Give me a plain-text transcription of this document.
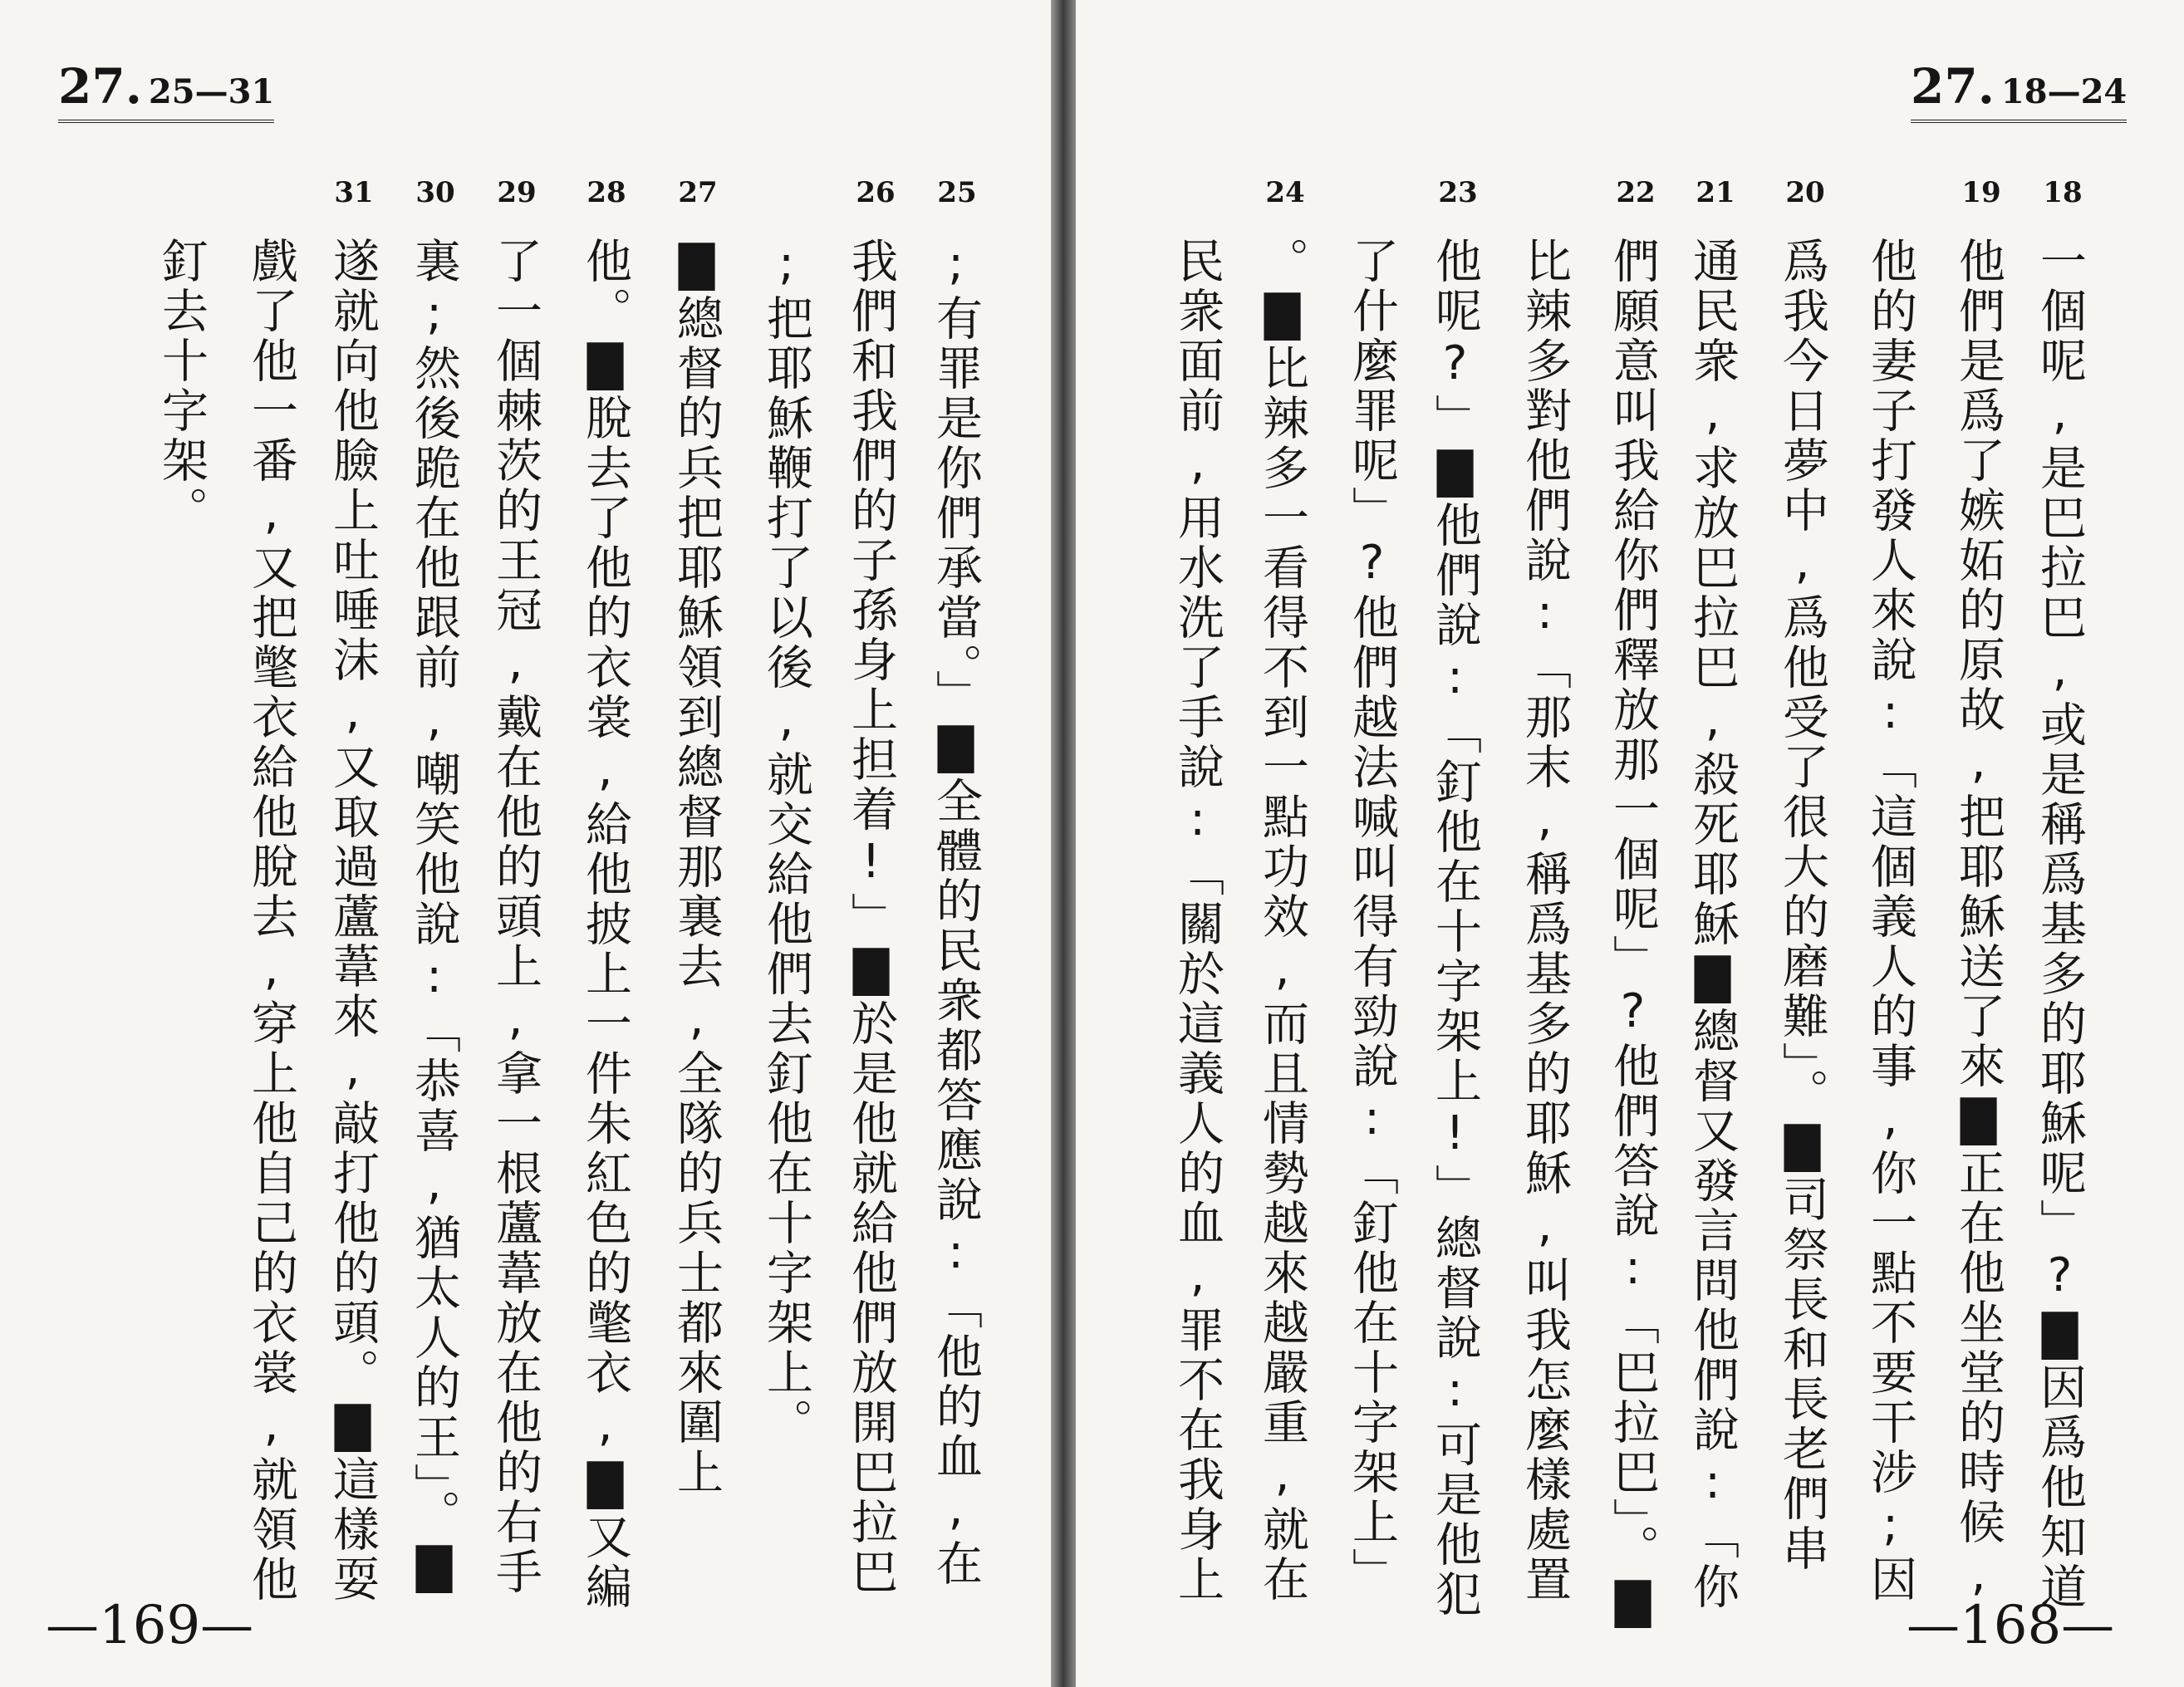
27. 25—31
31	30	29	28	27	26	25
;有罪是你們承當。」▇全體的民衆都答應說:「他的血,在
我們和我們的子孫身上担着!」▇於是他就給他們放開巴拉巴
;把耶穌鞭打了以後,就交給他們去釘他在十字架上。
▇總督的兵把耶穌領到總督那裏去,全隊的兵士都來圍上
他。▇脫去了他的衣裳,給他披上一件朱紅色的氅衣,▇又編
了一個棘茨的王冠,戴在他的頭上,拿一根蘆葦放在他的右手
裏;然後跪在他跟前,嘲笑他說:「恭喜,猶太人的王」。▇
遂就向他臉上吐唾沫,又取過蘆葦來,敲打他的頭。▇這樣耍
戲了他一番,又把氅衣給他脫去,穿上他自己的衣裳,就領他
釘去十字架。
—169—
27. 18—24
24	23	22	21	20	19	18
一個呢,是巴拉巴,或是稱爲基多的耶穌呢」?▇因爲他知道
他們是爲了嫉妬的原故,把耶穌送了來▇正在他坐堂的時候,
他的妻子打發人來說:「這個義人的事,你一點不要干涉;因
爲我今日夢中,爲他受了很大的磨難」。▇司祭長和長老們串
通民衆,求放巴拉巴,殺死耶穌▇總督又發言問他們說:「你
們願意叫我給你們釋放那一個呢」?他們答說:「巴拉巴」。▇
比辣多對他們說:「那末,稱爲基多的耶穌,叫我怎麼樣處置
他呢?」▇他們說:「釘他在十字架上!」總督說:可是他犯
了什麼罪呢」?他們越法喊叫得有勁說:「釘他在十字架上」
。▇比辣多一看得不到一點功效,而且情勢越來越嚴重,就在
民衆面前,用水洗了手說:「關於這義人的血,罪不在我身上
—168—
